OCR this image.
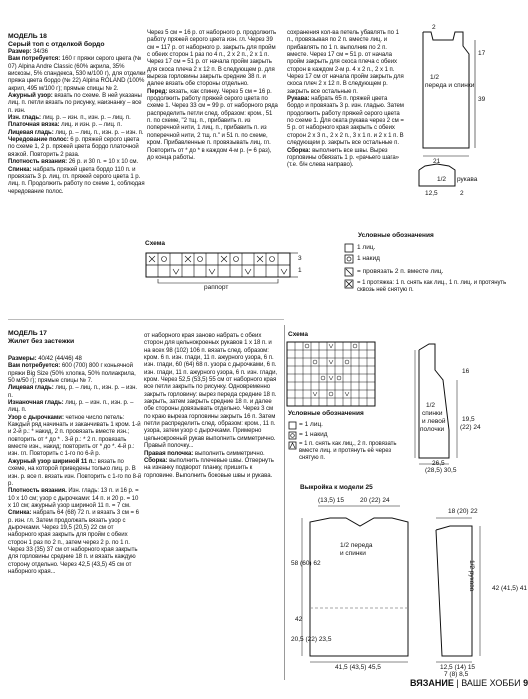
МОДЕЛЬ 18

Серый топ с отделкой бордо

Размер: 34/36

Вам потребуется: 160 г пряжи серого цвета (№ 07) Alpina Andre Classic (60% акрила, 35% вискозы, 5% спандекса, 530 м/100 г), для отделки пряжа цвета бордо (№ 22) Alpina ROLAND (100% акрил, 495 м/100 г); прямые спицы № 2.

Ажурный узор: вязать по схеме. В ней указаны лиц. п. петли вязать по рисунку, наизнанку – все п. изн.

Изн. гладь: лиц. р. – изн. п., изн. р. – лиц. п.

Платочная вязка: лиц. и изн. р. – лиц. п.

Лицевая гладь: лиц. р. – лиц. п., изн. р. – изн. п.

Чередование полос: 6 р. пряжей серого цвета по схеме 1, 2 р. пряжей цвета бордо платочной вязкой. Повторить 2 раза.

Плотность вязания: 26 р. и 30 п. = 10 х 10 см.

Спинка: набрать пряжей цвета бордо 110 п. и провязать 3 р. лиц. гл. пряжей серого цвета 1 р. лиц. п. Продолжить работу по схеме 1, соблюдая чередование полос.

Через 5 см = 16 р. от наборного р. продолжить работу пряжей серого цвета изн. гл. Через 39 см = 117 р. от наборного р. закрыть для пройм с обеих сторон 1 раз по 4 п., 2 х 2 п., 2 х 1 п. Через 17 см = 51 р. от начала пройм закрыть для скоса плеча 2 х 12 п. В следующем р. для выреза горловины закрыть средние 38 п. и далее вязать обе стороны отдельно.

Перед: вязать, как спинку. Через 5 см = 16 р. продолжить работу пряжей серого цвета по схеме 1. Через 33 см = 99 р. от наборного ряда распределить петли след. образом: кром., 51 п. по схеме, "2 тщ. п., прибавить п. из поперечной нити, 1 лиц. п., прибавить п. из поперечной нити, 2 тщ. п." и 51 п. по схеме, кром. Прибавленные п. провязывать лиц. гл. Повторить от * до * в каждом 4-м р. (= 6 раз), до конца работы.

сохранения кол-ва петель убавлять по 1 п., провязывая по 2 п. вместе лиц. и прибавлять по 1 п. выполнив по 2 п. вместе. Через 17 см = 51 р. от начала пройм закрыть для скоса плеча с обеих сторон в каждом 2-м р. 4 х 2 п., 2 х 1 п. Через 17 см от начала пройм закрыть для скоса плеч 2 х 12 п. В следующем р. закрыть все остальные п.

Рукава: набрать 65 п. пряжей цвета бордо и провязать 3 р. изн. гладью. Затем продолжить работу пряжей серого цвета по схеме 1. Для оката рукава через 2 см = 5 р. от наборного края закрыть с обеих сторон 2 х 3 п., 2 х 2 п., 3 х 1 п. и 2 х 1 п. В следующем р. закрыть все остальные п.

Сборка: выполнить все швы. Вырез горловины обвязать 1 р. «рачьего шага» (т.е. б/н слева направо).

1/2
переда и спинки
17
39
21
2
1/2 рукава
12,5	2
Схема
3
1
раппорт
Условные обозначения
1 лиц.
1 накид
= провязать 2 п. вместе лиц.
= 1 протяжка: 1 п. снять как лиц., 1 п. лиц. и протянуть сквозь неё снятую п.

МОДЕЛЬ 17

Жилет без застежки

Размеры: 40/42 (44/46) 48

Вам потребуется: 600 (700) 800 г коньячной пряжи Big Size (50% хлопка, 50% полиакрила, 50 м/50 г); прямые спицы № 7.

Лицевая гладь: лиц. р. – лиц. п., изн. р. – изн. п.

Изнаночная гладь: лиц. р. – изн. п., изн. р. – лиц. п.

Узор с дырочками: четное число петель: Каждый ряд начинать и заканчивать 1 кром. 1-й и 2-й р.: * накид, 2 п. провязать вместе изн.; повторить от * до * . 3-й р.: * 2 п. провязать вместе изн., накид; повторить от * до *. 4-й р.: изн. гл. Повторить с 1-го по 6-й р.

Ажурный узор шириной 11 п.: вязать по схеме, на которой приведены только лиц. р. В изн. р. все п. вязать изн. Повторить с 1-го по 8-й р.

Плотность вязания. Изн. гладь: 13 п. и 16 р. = 10 х 10 см; узор с дырочками: 14 п. и 20 р. = 10 х 10 см; ажурный узор шириной 11 п. = 7 см.

Спинка: набрать 64 (68) 72 п. и вязать 3 см = 6 р. изн. гл. Затем продолжать вязать узор с дырочками. Через 19,5 (20,5) 22 см от наборного края закрыть для пройм с обеих сторон 1 раз по 2 п., затем через 2 р. по 1 п. Через 33 (35) 37 см от наборного края закрыть для горловины средние 18 п. и вязать каждую сторону отдельно. Через 42,5 (43,5) 45 см от наборного края...

от наборного края заново набрать с обеих сторон для цельнокроеных рукавов 1 х 18 п. и на всех 98 (102) 106 п. вязать след. образом: кром. 6 п. изн. глади, 11 п. ажурного узора, 6 п. изн. глади, 60 (64) 68 п. узора с дырочками, 6 п. изн. глади, 11 п. ажурного узора, 6 п. изн. глади, кром. Через 52,5 (53,5) 55 см от наборного края все петли закрыть по рисунку. Одновременно закрыть горловину: вырез переда средние 18 п. закрыть, затем закрыть средние 18 п. и далее обе стороны довязывать отдельно. Через 3 см по краю выреза горловины закрыть 16 п. Затем петли распределить след. образом: кром., 11 п. узора, затем узор с дырочками. Примерно цельнокроеный рукав выполнить симметрично. Правый полочку...

Правая полочка: выполнить симметрично.

Сборка: выполнить плечевые швы. Отвернуть на изнанку подворот планку, пришить к горловине. Выполнить боковые швы и рукава.

Схема
Условные обозначения
= 1 лиц.
= 1 накид
= 1 п. снять как лиц., 2 п. провязать вместе лиц. и протянуть её через снятую п.
1/2
спинки
и левой
полочки
26,5
(28,5) 30,5
19,5
(22) 24
16
Выкройка к модели 25
1/2 переда
и спинки
1/2 рукава
18 (20) 22
42 (41,5) 41
12,5 (14) 15
7 (8) 8,5
41,5 (43,5) 45,5
(13,5) 15 20 (22) 24
58 (60) 62
42
20,5 (22) 23,5
ВЯЗАНИЕ | ВАШЕ ХОББИ 9
